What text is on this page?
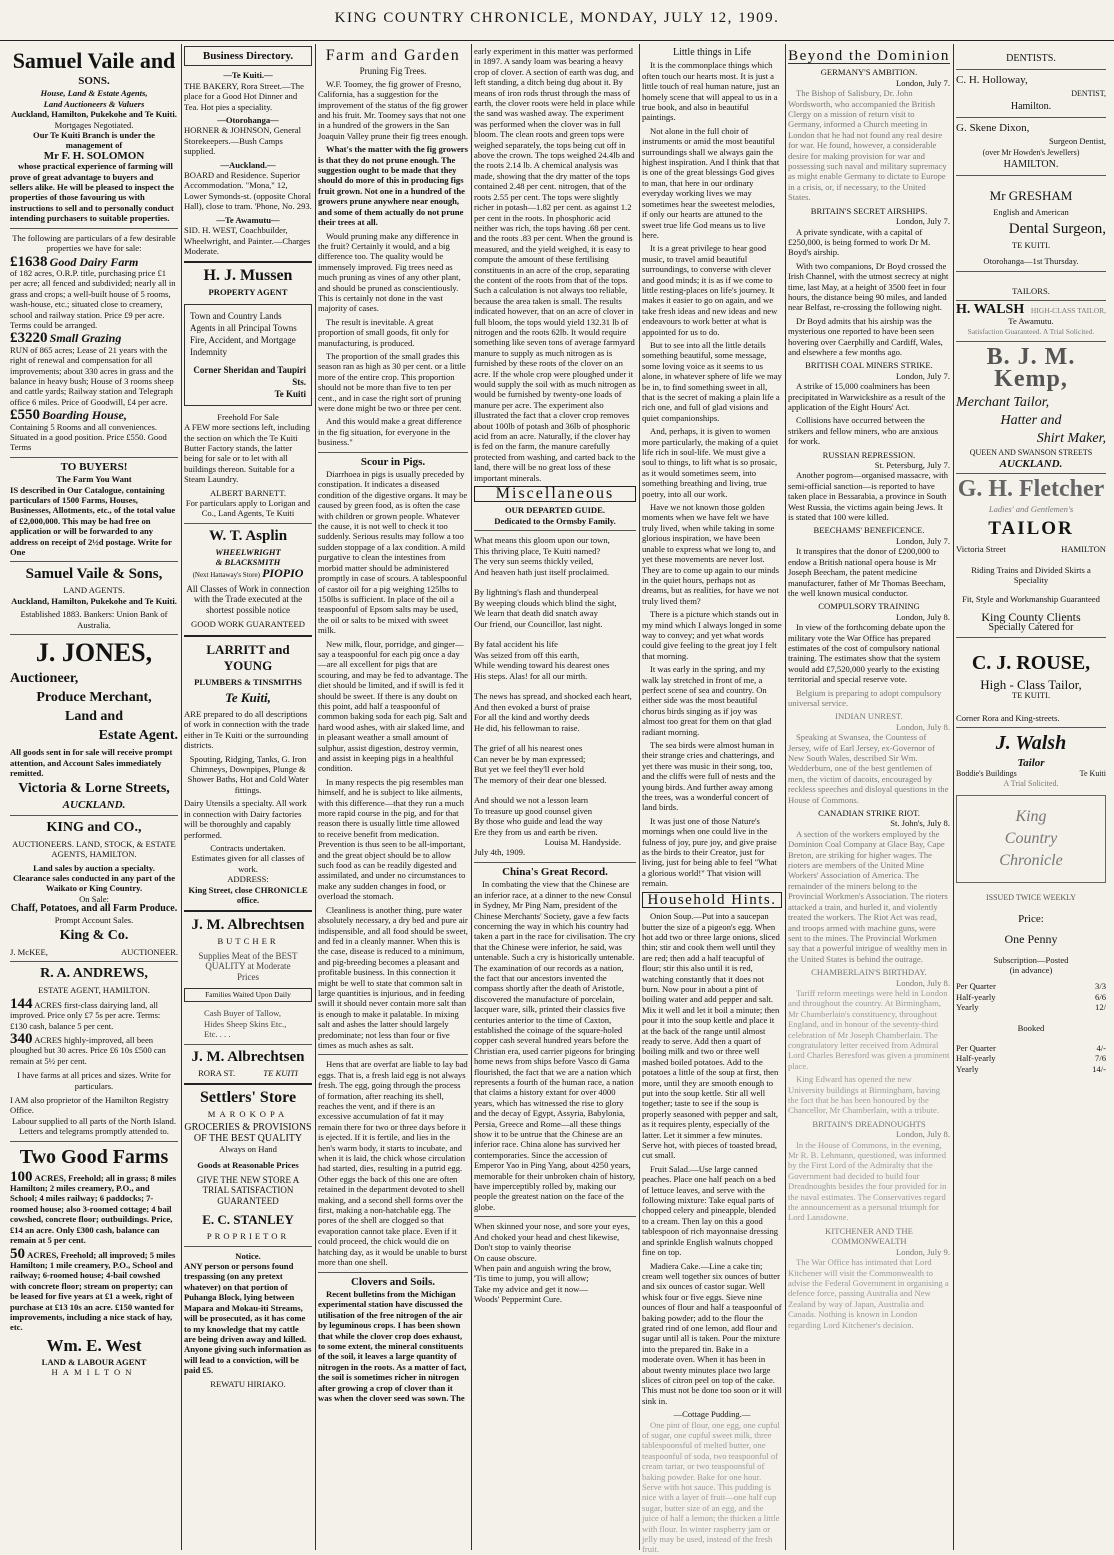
KING COUNTRY CHRONICLE, MONDAY, JULY 12, 1909.
Samuel Vaile and
SONS.
House, Land & Estate Agents,
Land Auctioneers & Valuers
Auckland, Hamilton, Pukekohe and Te Kuiti.
Mortgages Negotiated.
Our Te Kuiti Branch is under the management of
Mr F. H. SOLOMON

whose practical experience of farming will prove of great advantage to buyers and sellers alike. He will be pleased to inspect the properties of those favouring us with instructions to sell and to personally conduct intending purchasers to suitable properties.

The following are particulars of a few desirable properties we have for sale:
£1638 Good Dairy Farm
of 182 acres, O.R.P. title, purchasing price £1 per acre; all fenced and subdivided; nearly all in grass and crops; a well-built house of 5 rooms, wash-house, etc.; situated close to creamery, school and railway station. Price £9 per acre. Terms could be arranged.
£3220 Small Grazing
RUN of 865 acres; Lease of 21 years with the right of renewal and compensation for all improvements; about 330 acres in grass and the balance in heavy bush; House of 3 rooms sheep and cattle yards; Railway station and Telegraph office 6 miles. Price of Goodwill, £4 per acre.
£550 Boarding House,
Containing 5 Rooms and all conveniences. Situated in a good position. Price £550. Good Terms
TO BUYERS!
The Farm You Want

IS described in Our Catalogue, containing particulars of 1500 Farms, Houses, Businesses, Allotments, etc., of the total value of £2,000,000. This may be had free on application or will be forwarded to any address on receipt of 2½d postage. Write for One

Samuel Vaile & Sons,
LAND AGENTS.
Auckland, Hamilton, Pukekohe and Te Kuiti.
Established 1883. Bankers: Union Bank of Australia.
J. JONES,
Auctioneer,
Produce Merchant,
Land and
Estate Agent.

All goods sent in for sale will receive prompt attention, and Account Sales immediately remitted.

Victoria & Lorne Streets,
AUCKLAND.
KING and CO.,
AUCTIONEERS. LAND, STOCK, & ESTATE AGENTS, HAMILTON.
Land sales by auction a specialty.
Clearance sales conducted in any part of the Waikato or King Country.
On Sale:
Chaff, Potatoes, and all Farm Produce.
Prompt Account Sales.
King & Co.
J. McKEE,	AUCTIONEER.
R. A. ANDREWS,
ESTATE AGENT, HAMILTON.
144 ACRES first-class dairying land, all improved. Price only £7 5s per acre. Terms: £130 cash, balance 5 per cent.
340 ACRES highly-improved, all been ploughed but 30 acres. Price £6 10s £500 can remain at 5½ per cent.
I have farms at all prices and sizes. Write for particulars.
I AM also proprietor of the Hamilton Registry Office.
Labour supplied to all parts of the North Island.
Letters and telegrams promptly attended to.
Two Good Farms
100 ACRES, Freehold; all in grass; 8 miles Hamilton; 2 miles creamery, P.O., and School; 4 miles railway; 6 paddocks; 7-roomed house; also 3-roomed cottage; 4 bail cowshed, concrete floor; outbuildings. Price, £14 an acre. Only £300 cash, balance can remain at 5 per cent.
50 ACRES, Freehold; all improved; 5 miles Hamilton; 1 mile creamery, P.O., School and railway; 6-roomed house; 4-bail cowshed with concrete floor; stream on property; can be leased for five years at £1 a week, right of purchase at £13 10s an acre. £150 wanted for improvements, including a nice stack of hay, etc.
Wm. E. West
LAND & LABOUR AGENT
HAMILTON
Business Directory.
—Te Kuiti.—

THE BAKERY, Rora Street.—The place for a Good Hot Dinner and Tea. Hot pies a speciality.

—Otorohanga—

HORNER & JOHNSON, General Storekeepers.—Bush Camps supplied.

—Auckland.—

BOARD and Residence. Superior Accommodation. "Mona," 12, Lower Symonds-st. (opposite Choral Hall), close to tram. 'Phone, No. 293.

—Te Awamutu—

SID. H. WEST, Coachbuilder, Wheelwright, and Painter.—Charges Moderate.

H. J. Mussen
PROPERTY AGENT
Town and Country Lands Agents in all Principal Towns Fire, Accident, and Mortgage Indemnity
Corner Sheridan and Taupiri Sts.
Te Kuiti
Freehold For Sale

A FEW more sections left, including the section on which the Te Kuiti Butter Factory stands, the latter being for sale or to let with all buildings thereon. Suitable for a Steam Laundry.

ALBERT BARNETT.
For particulars apply to Lorigan and Co., Land Agents, Te Kuiti
W. T. Asplin
WHEELWRIGHT
& BLACKSMITH
(Next Hattaway's Store) PIOPIO
All Classes of Work in connection with the Trade executed at the shortest possible notice
GOOD WORK GUARANTEED
LARRITT and YOUNG
PLUMBERS & TINSMITHS
Te Kuiti,

ARE prepared to do all descriptions of work in connection with the trade either in Te Kuiti or the surrounding districts.

Spouting, Ridging, Tanks, G. Iron Chimneys, Downpipes, Plunge & Shower Baths, Hot and Cold Water fittings.

Dairy Utensils a specialty. All work in connection with Dairy factories will be thoroughly and capably performed.

Contracts undertaken.
Estimates given for all classes of work.
ADDRESS:
King Street, close CHRONICLE office.
J. M. Albrechtsen
BUTCHER
Supplies Meat of the BEST QUALITY at Moderate Prices
Families Waited Upon Daily
Cash Buyer of Tallow, Hides Sheep Skins Etc., Etc. . . .
J. M. Albrechtsen
RORA ST.	TE KUITI
Settlers' Store
MAROKOPA
GROCERIES & PROVISIONS OF THE BEST QUALITY
Always on Hand
Goods at Reasonable Prices
GIVE THE NEW STORE A TRIAL SATISFACTION GUARANTEED
E. C. STANLEY
PROPRIETOR
Notice.

ANY person or persons found trespassing (on any pretext whatever) on that portion of Puhanga Block, lying between Mapara and Mokau-iti Streams, will be prosecuted, as it has come to my knowledge that my cattle are being driven away and killed. Anyone giving such information as will lead to a conviction, will be paid £5.

REWATU HIRIAKO.
Farm and Garden
Pruning Fig Trees.

W.F. Toomey, the fig grower of Fresno, California, has a suggestion for the improvement of the status of the fig grower and his fruit. Mr. Toomey says that not one in a hundred of the growers in the San Joaquin Valley prune their fig trees enough.

What's the matter with the fig growers is that they do not prune enough. The suggestion ought to be made that they should do more of this in producing figs fruit grown. Not one in a hundred of the growers prune anywhere near enough, and some of them actually do not prune their trees at all.

Would pruning make any difference in the fruit? Certainly it would, and a big difference too. The quality would be immensely improved. Fig trees need as much pruning as vines of any other plant, and should be pruned as conscientiously. This is certainly not done in the vast majority of cases.

The result is inevitable. A great proportion of small goods, fit only for manufacturing, is produced.

The proportion of the small grades this season ran as high as 30 per cent. or a little more of the entire crop. This proportion should not be more than five to ten per cent., and in case the right sort of pruning were done might be two or three per cent.

And this would make a great difference in the fig situation, for everyone in the business."

Scour in Pigs.

Diarrhoea in pigs is usually preceded by constipation. It indicates a diseased condition of the digestive organs. It may be caused by green food, as is often the case with children or grown people. Whatever the cause, it is not well to check it too suddenly. Serious results may follow a too sudden stoppage of a lax condition. A mild purgative to clean the intestines from morbid matter should be administered promptly in case of scours. A tablespoonful of castor oil for a pig weighing 125lbs to 150lbs is sufficient. In place of the oil a teaspoonful of Epsom salts may be used, the oil or salts to be mixed with sweet milk.

New milk, flour, porridge, and ginger—say a teaspoonful for each pig once a day—are all excellent for pigs that are scouring, and may be fed to advantage. The diet should be limited, and if swill is fed it should be sweet. If there is any doubt on this point, add half a teaspoonful of common baking soda for each pig. Salt and hard wood ashes, with air slaked lime, and in pleasant weather a small amount of sulphur, assist digestion, destroy vermin, and assist in keeping pigs in a healthful condition.

In many respects the pig resembles man himself, and he is subject to like ailments, with this difference—that they run a much more rapid course in the pig, and for that reason there is usually little time allowed to receive benefit from medication. Prevention is thus seen to be all-important, and the great object should be to allow such food as can be readily digested and assimilated, and under no circumstances to make any sudden changes in food, or overload the stomach.

Cleanliness is another thing, pure water absolutely necessary, a dry bed and pure air indispensible, and all food should be sweet, and fed in a cleanly manner. When this is the case, disease is reduced to a minimum, and pig-breeding becomes a pleasant and profitable business. In this connection it might be well to state that common salt in large quantities is injurious, and in feeding swill it should never contain more salt than is enough to make it palatable. In mixing salt and ashes the latter should largely predominate; not less than four or five times as much ashes as salt.

Hens that are overfat are liable to lay bad eggs. That is, a fresh laid egg is not always fresh. The egg, going through the process of formation, after reaching its shell, reaches the vent, and if there is an excessive accumulation of fat it may remain there for two or three days before it is ejected. If it is fertile, and lies in the hen's warm body, it starts to incubate, and when it is laid, the chick whose circulation had started, dies, resulting in a putrid egg. Other eggs the back of this one are often retained in the department devoted to shell making, and a second shell forms over the first, making a non-hatchable egg. The pores of the shell are clogged so that evaporation cannot take place. Even if it could proceed, the chick would die on hatching day, as it would be unable to burst more than one shell.

Clovers and Soils.

Recent bulletins from the Michigan experimental station have discussed the utilisation of the free nitrogen of the air by leguminous crops. I has been shown that while the clover crop does exhaust, to some extent, the mineral constituents of the soil, it leaves a large quantity of nitrogen in the roots. As a matter of fact, the soil is sometimes richer in nitrogen after growing a crop of clover than it was when the clover seed was sown. The

early experiment in this matter was performed in 1897. A sandy loam was bearing a heavy crop of clover. A section of earth was dug, and left standing, a ditch being dug about it. By means of iron rods thrust through the mass of earth, the clover roots were held in place while the sand was washed away. The experiment was performed when the clover was in full bloom. The clean roots and green tops were weighed separately, the tops being cut off in above the crown. The tops weighed 24.4lb and the roots 2.14 lb. A chemical analysis was made, showing that the dry matter of the tops contained 2.48 per cent. nitrogen, that of the roots 2.55 per cent. The tops were slightly richer in potash—1.82 per cent. as against 1.2 per cent in the roots. In phosphoric acid neither was rich, the tops having .68 per cent. and the roots .83 per cent. When the ground is measured, and the yield weighed, it is easy to compute the amount of these fertilising constituents in an acre of the crop, separating the content of the roots from that of the tops. Such a calculation is not always too reliable, because the area taken is small. The results indicated however, that on an acre of clover in full bloom, the tops would yield 132.31 lb of nitrogen and the roots 62lb. It would require something like seven tons of average farmyard manure to supply as much nitrogen as is furnished by these roots of the clover on an acre. If the whole crop were ploughed under it would supply the soil with as much nitrogen as would be furnished by twenty-one loads of manure per acre. The experiment also illustrated the fact that a clover crop removes about 100lb of potash and 36lb of phosphoric acid from an acre. Naturally, if the clover hay is fed on the farm, the manure carefully protected from washing, and carted back to the land, there will be no great loss of these important minerals.

Miscellaneous
OUR DEPARTED GUIDE.
Dedicated to the Ormsby Family.
What means this gloom upon our town,
This thriving place, Te Kuiti named?
The very sun seems thickly veiled,
And heaven hath just itself proclaimed.

By lightning's flash and thunderpeal
By weeping clouds which blind the sight,
We learn that death did snatch away
Our friend, our Councillor, last night.

By fatal accident his life
Was seized from off this earth,
While wending toward his dearest ones
His steps. Alas! for all our mirth.

The news has spread, and shocked each heart,
And then evoked a burst of praise
For all the kind and worthy deeds
He did, his fellowman to raise.

The grief of all his nearest ones
Can never be by man expressed;
But yet we feel they'll ever hold
The memory of their dear one blessed.

And should we not a lesson learn
To treasure up good counsel given
By those who guide and lead the way
Ere they from us and earth be riven.
Louisa M. Handyside.
July 4th, 1909.
China's Great Record.

In combating the view that the Chinese are an inferior race, at a dinner to the new Consul in Sydney, Mr Ping Nam, president of the Chinese Merchants' Society, gave a few facts concerning the way in which his country had taken a part in the race for civilisation. The cry that the Chinese were inferior, he said, was untenable. Such a cry is historically untenable. The examination of our records as a nation, the fact that our ancestors invented the compass shortly after the death of Aristotle, discovered the manufacture of porcelain, lacquer ware, silk, printed their classics five centuries anterior to the time of Caxton, established the coinage of the square-holed copper cash several hundred years before the Christian era, used carrier pigeons for bringing home news from ships before Vasco di Gama flourished, the fact that we are a nation which represents a fourth of the human race, a nation that claims a history extant for over 4000 years, which has witnessed the rise to glory and the decay of Egypt, Assyria, Babylonia, Persia, Greece and Rome—all these things show it to be untrue that the Chinese are an inferior race. China alone has survived her contemporaries. Since the accession of Emperor Yao in Ping Yang, about 4250 years, memorable for their unbroken chain of history, have imperceptibly rolled by, making our people the greatest nation on the face of the globe.

When skinned your nose, and sore your eyes,
And choked your head and chest likewise,
Don't stop to vainly theorise
On cause obscure.
When pain and anguish wring the brow,
'Tis time to jump, you will allow;
Take my advice and get it now—
Woods' Peppermint Cure.
Little things in Life

It is the commonplace things which often touch our hearts most. It is just a little touch of real human nature, just an homely scene that will appeal to us in a true book, and also in beautiful paintings.

Not alone in the full choir of instruments or amid the most beautiful surroundings shall we always gain the highest inspiration. And I think that that is one of the great blessings God gives to man, that here in our ordinary everyday working lives we may sometimes hear the sweetest melodies, if only our hearts are attuned to the sweet true life God means us to live here.

It is a great privilege to hear good music, to travel amid beautiful surroundings, to converse with clever and good minds; it is as if we come to little resting-places on life's journey. It makes it easier to go on again, and we take fresh ideas and new ideas and new endeavours to work better at what is appointed for us to do.

But to see into all the little details something beautiful, some message, some loving voice as it seems to us alone, in whatever sphere of life we may be in, to find something sweet in all, that is the secret of making a plain life a rich one, and full of glad visions and quiet companionships.

And, perhaps, it is given to women more particularly, the making of a quiet life rich in soul-life. We must give a soul to things, to lift what is so prosaic, as it would sometimes seem, into something breathing and living, true poetry, into all our work.

Have we not known those golden moments when we have felt we have truly lived, when while taking in some glorious inspiration, we have been unable to express what we long to, and yet these movements are never lost. They are to come up again to our minds in the quiet hours, perhaps not as dreams, but as realities, for have we not truly lived them?

There is a picture which stands out in my mind which I always longed in some way to convey; and yet what words could give feeling to the great joy I felt that morning.

It was early in the spring, and my walk lay stretched in front of me, a perfect scene of sea and country. On either side was the most beautiful chorus birds singing as if joy was almost too great for them on that glad radiant morning.

The sea birds were almost human in their strange cries and chatterings, and yet there was music in their song, too, and the cliffs were full of nests and the young birds. And further away among the trees, was a wonderful concert of land birds.

It was just one of those Nature's mornings when one could live in the fulness of joy, pure joy, and give praise as the birds to their Creator, just for living, just for being able to feel "What a glorious world!" That vision will remain.

Household Hints.

Onion Soup.—Put into a saucepan butter the size of a pigeon's egg. When hot add two or three large onions, sliced thin; stir and cook them well until they are red; then add a half teacupful of flour; stir this also until it is red, watching constantly that it does not burn. Now pour in about a pint of boiling water and add pepper and salt. Mix it well and let it boil a minute; then pour it into the soup kettle and place it at the back of the range until almost ready to serve. Add then a quart of boiling milk and two or three well mashed boiled potatoes. Add to the potatoes a little of the soup at first, then more, until they are smooth enough to put into the soup kettle. Stir all well together; taste to see if the soup is properly seasoned with pepper and salt, as it requires plenty, especially of the latter. Let it simmer a few minutes. Serve hot, with pieces of toasted bread, cut small.

Fruit Salad.—Use large canned peaches. Place one half peach on a bed of lettuce leaves, and serve with the following mixture: Take equal parts of chopped celery and pineapple, blended to a cream. Then lay on this a good tablespoon of rich mayonnaise dressing and sprinkle English walnuts chopped fine on top.

Madiera Cake.—Line a cake tin; cream well together six ounces of butter and six ounces of castor sugar. Well whisk four or five eggs. Sieve nine ounces of flour and half a teaspoonful of baking powder; add to the flour the grated rind of one lemon, add flour and sugar until all is taken. Pour the mixture into the prepared tin. Bake in a moderate oven. When it has been in about twenty minutes place two large slices of citron peel on top of the cake. This must not be done too soon or it will sink in.

—Cottage Pudding.—

One pint of flour, one egg, one cupful of sugar, one cupful sweet milk, three tablespoonsful of melted butter, one teaspoonful of soda, two teaspoonful of cream tartar, or two teaspoonsful of baking powder. Bake for one hour. Serve with hot sauce. This pudding is nice with a layer of fruit—one half cup sugar, butter size of an egg, and the juice of half a lemon; the thicken a little with flour. In winter raspberry jam or jelly may be used, instead of the fresh fruit.

Beyond the Dominion
GERMANY'S AMBITION.
London, July 7.

The Bishop of Salisbury, Dr. John Wordsworth, who accompanied the British Clergy on a mission of return visit to Germany, informed a Church meeting in London that he had not found any real desire for war. He found, however, a considerable desire for making provision for war and possessing such naval and military supremacy as might enable Germany to dictate to Europe in a crisis, or, if necessary, to the United States.

BRITAIN'S SECRET AIRSHIPS.
London, July 7.

A private syndicate, with a capital of £250,000, is being formed to work Dr M. Boyd's airship.

With two companions, Dr Boyd crossed the Irish Channel, with the utmost secrecy at night time, last May, at a height of 3500 feet in four hours, the distance being 90 miles, and landed near Belfast, re-crossing the following night.

Dr Boyd admits that his airship was the mysterious one reported to have been seen hovering over Caerphilly and Cardiff, Wales, and elsewhere a few months ago.

BRITISH COAL MINERS STRIKE.
London, July 7.

A strike of 15,000 coalminers has been precipitated in Warwickshire as a result of the application of the Eight Hours' Act.

Collisions have occurred between the strikers and fellow miners, who are anxious for work.

RUSSIAN REPRESSION.
St. Petersburg, July 7.

Another pogrom—organised massacre, with semi-official sanction—is reported to have taken place in Bessarabia, a province in South West Russia, the victims again being Jews. It is stated that 100 were killed.

BEECHAMS' BENEFICENCE.
London, July 7.

It transpires that the donor of £200,000 to endow a British national opera house is Mr Joseph Beecham, the patent medicine manufacturer, father of Mr Thomas Beecham, the well known musical conductor.

COMPULSORY TRAINING
London, July 8.

In view of the forthcoming debate upon the military vote the War Office has prepared estimates of the cost of compulsory national training. The estimates show that the system would add £7,520,000 yearly to the existing territorial and special reserve vote.

Belgium is preparing to adopt compulsory universal service.

INDIAN UNREST.
London, July 8.

Speaking at Swansea, the Countess of Jersey, wife of Earl Jersey, ex-Governor of New South Wales, described Sir Wm. Wedderburn, one of the best gentlemen of men, the victim of dacoits, encouraged by reckless speeches and disloyal questions in the House of Commons.

CANADIAN STRIKE RIOT.
St. John's, July 8.

A section of the workers employed by the Dominion Coal Company at Glace Bay, Cape Breton, are striking for higher wages. The rioters are members of the United Mine Workers' Association of America. The remainder of the miners belong to the Provincial Workmen's Association. The rioters attacked a train, and hurled it, and violently treated the workers. The Riot Act was read, and troops armed with machine guns, were sent to the mines. The Provincial Workmen say that a powerful intrigue of wealthy men in the United States is behind the outrage.

CHAMBERLAIN'S BIRTHDAY.
London, July 8.

Tariff reform meetings were held in London and throughout the country. At Birmingham, Mr Chamberlain's constituency, throughout England, and in honour of the seventy-third celebration of Mr Joseph Chamberlain. The congratulatory letter received from Admiral Lord Charles Beresford was given a prominent place.

King Edward has opened the new University buildings at Birmingham, having the fact that he has been honoured by the Chancellor, Mr Chamberlain, with a tribute.

BRITAIN'S DREADNOUGHTS
London, July 8.

In the House of Commons, in the evening, Mr R. B. Lehmann, questioned, was informed by the First Lord of the Admiralty that the Government had decided to build four Dreadnoughts besides the four provided for in the naval estimates. The Conservatives regard the announcement as a personal triumph for Lord Lansdowne.

KITCHENER AND THE COMMONWEALTH
London, July 9.

The War Office has intimated that Lord Kitchener will visit the Commonwealth to advise the Federal Government in organising a defence force, passing Australia and New Zealand by way of Japan, Australia and Canada. Nothing is known in London regarding Lord Kitchener's decision.

DENTISTS.
C. H. Holloway,
DENTIST,
Hamilton.
G. Skene Dixon,
Surgeon Dentist,
(over Mr Howden's Jewellers)
HAMILTON.
Mr GRESHAM
English and American
Dental Surgeon,
TE KUITI.
Otorohanga—1st Thursday.
TAILORS.
H. WALSH HIGH-CLASS TAILOR,
Te Awamutu.
Satisfaction Guaranteed. A Trial Solicited.
B. J. M. Kemp,
Merchant Tailor,
Hatter and
Shirt Maker,
QUEEN AND SWANSON STREETS
AUCKLAND.
G. H. Fletcher
Ladies' and Gentlemen's
TAILOR
Victoria Street	HAMILTON
Riding Trains and Divided Skirts a Speciality
Fit, Style and Workmanship Guaranteed
King County Clients
Specially Catered for
C. J. ROUSE,
High - Class Tailor,
TE KUITI.
Corner Rora and King-streets.
J. Walsh
Tailor
Boddie's Buildings	Te Kuiti
A Trial Solicited.
King
Country
Chronicle
ISSUED TWICE WEEKLY
Price:
One Penny
Subscription—Posted
(in advance)
Per Quarter	3/3
Half-yearly	6/6
Yearly	12/
Booked
Per Quarter	4/-
Half-yearly	7/6
Yearly	14/-
